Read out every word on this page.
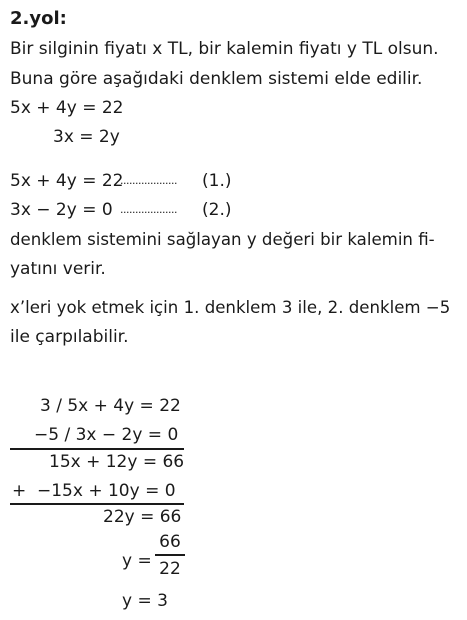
2.yol:
Bir silginin fiyatı x TL, bir kalemin fiyatı y TL olsun.
Buna göre aşağıdaki denklem sistemi elde edilir.
5x + 4y = 22
3x = 2y
5x + 4y = 22
................... (1.)
3x − 2y = 0 ................... (2.)
denklem sistemini sağlayan y değeri bir kalemin fi-
yatını verir.
x’leri yok etmek için 1. denklem 3 ile, 2. denklem −5
ile çarpılabilir.
3 / 5x + 4y = 22
−5 / 3x − 2y = 0
15x + 12y = 66
+ −15x + 10y = 0
22y = 66
y =
66
22
y = 3
